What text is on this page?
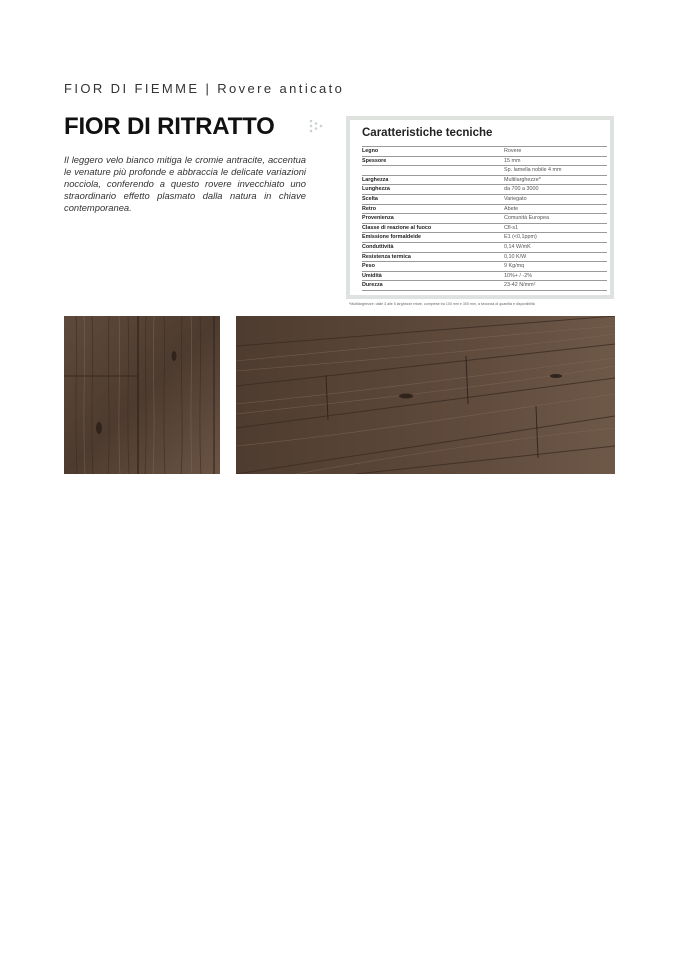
FIOR DI FIEMME | Rovere anticato
FIOR DI RITRATTO

Il leggero velo bianco mitiga le cromie antracite, accentua le venature più profonde e abbraccia le delicate variazioni nocciola, conferendo a questo rovere invecchiato uno straordinario effetto plasmato dalla natura in chiave contemporanea.

Caratteristiche tecniche
Legno	Rovere
Spessore	15 mm
	Sp. lamella nobile 4 mm
Larghezza	Multilarghezze*
Lunghezza	da 700 a 3000
Scelta	Variegato
Retro	Abete
Provenienza	Comunità Europea
Classe di reazione al fuoco	Cfl-s1
Emissione formaldeide	E1 (<0,1ppm)
Conduttività	0,14 W/mK
Resistenza termica	0,10 K/W
Peso	9 Kg/mq
Umidità	10%+ / -2%
Durezza	23-42 N/mm²
*Multilarghezze: dalle 3 alle 5 larghezze miste, comprese tra 100 mm e 300 mm, a seconda di quantità e disponibilità
